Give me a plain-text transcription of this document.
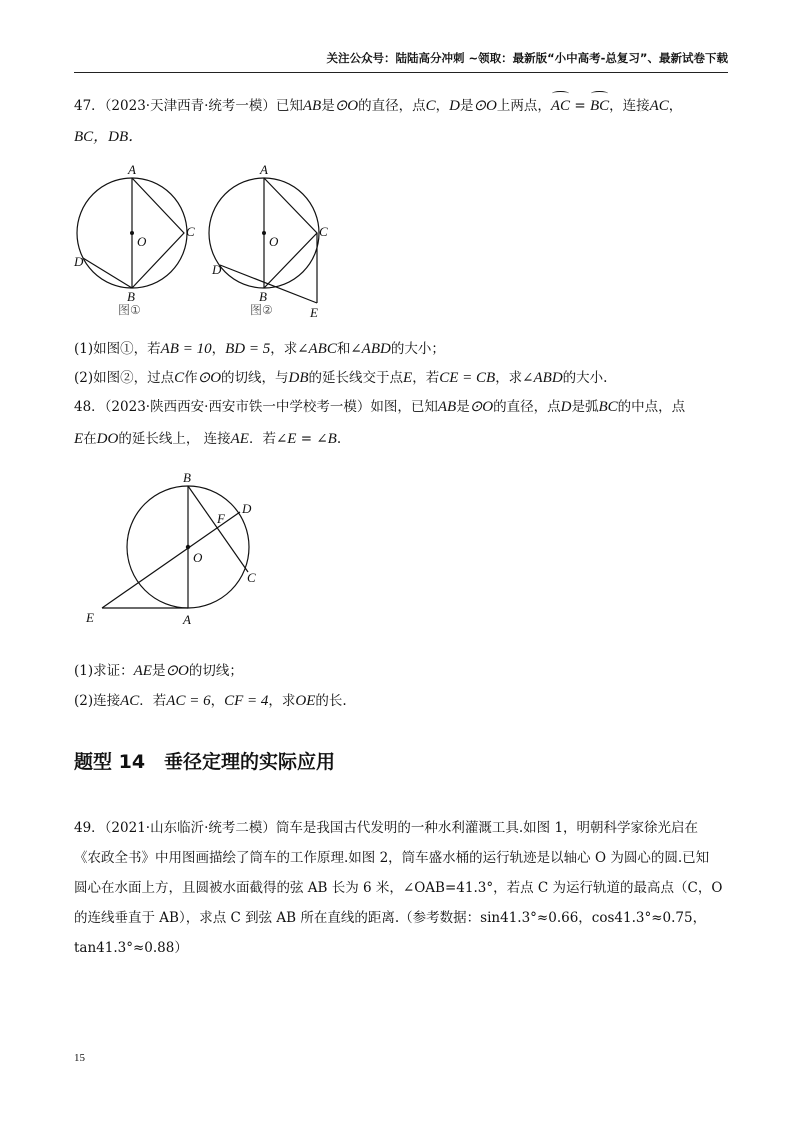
关注公众号：陆陆高分冲刺 ~领取：最新版“小中高考-总复习”、最新试卷下载

47．（2023·天津西青·统考一模）已知AB是⊙O的直径，点C，D是⊙O上两点，AC = BC，连接AC，

BC，DB．

A
O
C
D
B
图①
A
O
C
D
B
E
图②

(1)如图①，若AB = 10，BD = 5，求∠ABC和∠ABD的大小；

(2)如图②，过点C作⊙O的切线，与DB的延长线交于点E，若CE = CB，求∠ABD的大小.

48．（2023·陕西西安·西安市铁一中学校考一模）如图，已知AB是⊙O的直径，点D是弧BC的中点，点

E在DO的延长线上， 连接AE．若∠E = ∠B.

B
D
F
O
C
E	A

(1)求证：AE是⊙O的切线；

(2)连接AC．若AC = 6，CF = 4，求OE的长.

题型 14　垂径定理的实际应用

49．（2021·山东临沂·统考二模）筒车是我国古代发明的一种水利灌溉工具.如图 1，明朝科学家徐光启在

《农政全书》中用图画描绘了筒车的工作原理.如图 2，筒车盛水桶的运行轨迹是以轴心 O 为圆心的圆.已知

圆心在水面上方，且圆被水面截得的弦 AB 长为 6 米，∠OAB=41.3°，若点 C 为运行轨道的最高点（C，O

的连线垂直于 AB），求点 C 到弦 AB 所在直线的距离.（参考数据：sin41.3°≈0.66，cos41.3°≈0.75，

tan41.3°≈0.88）

15
